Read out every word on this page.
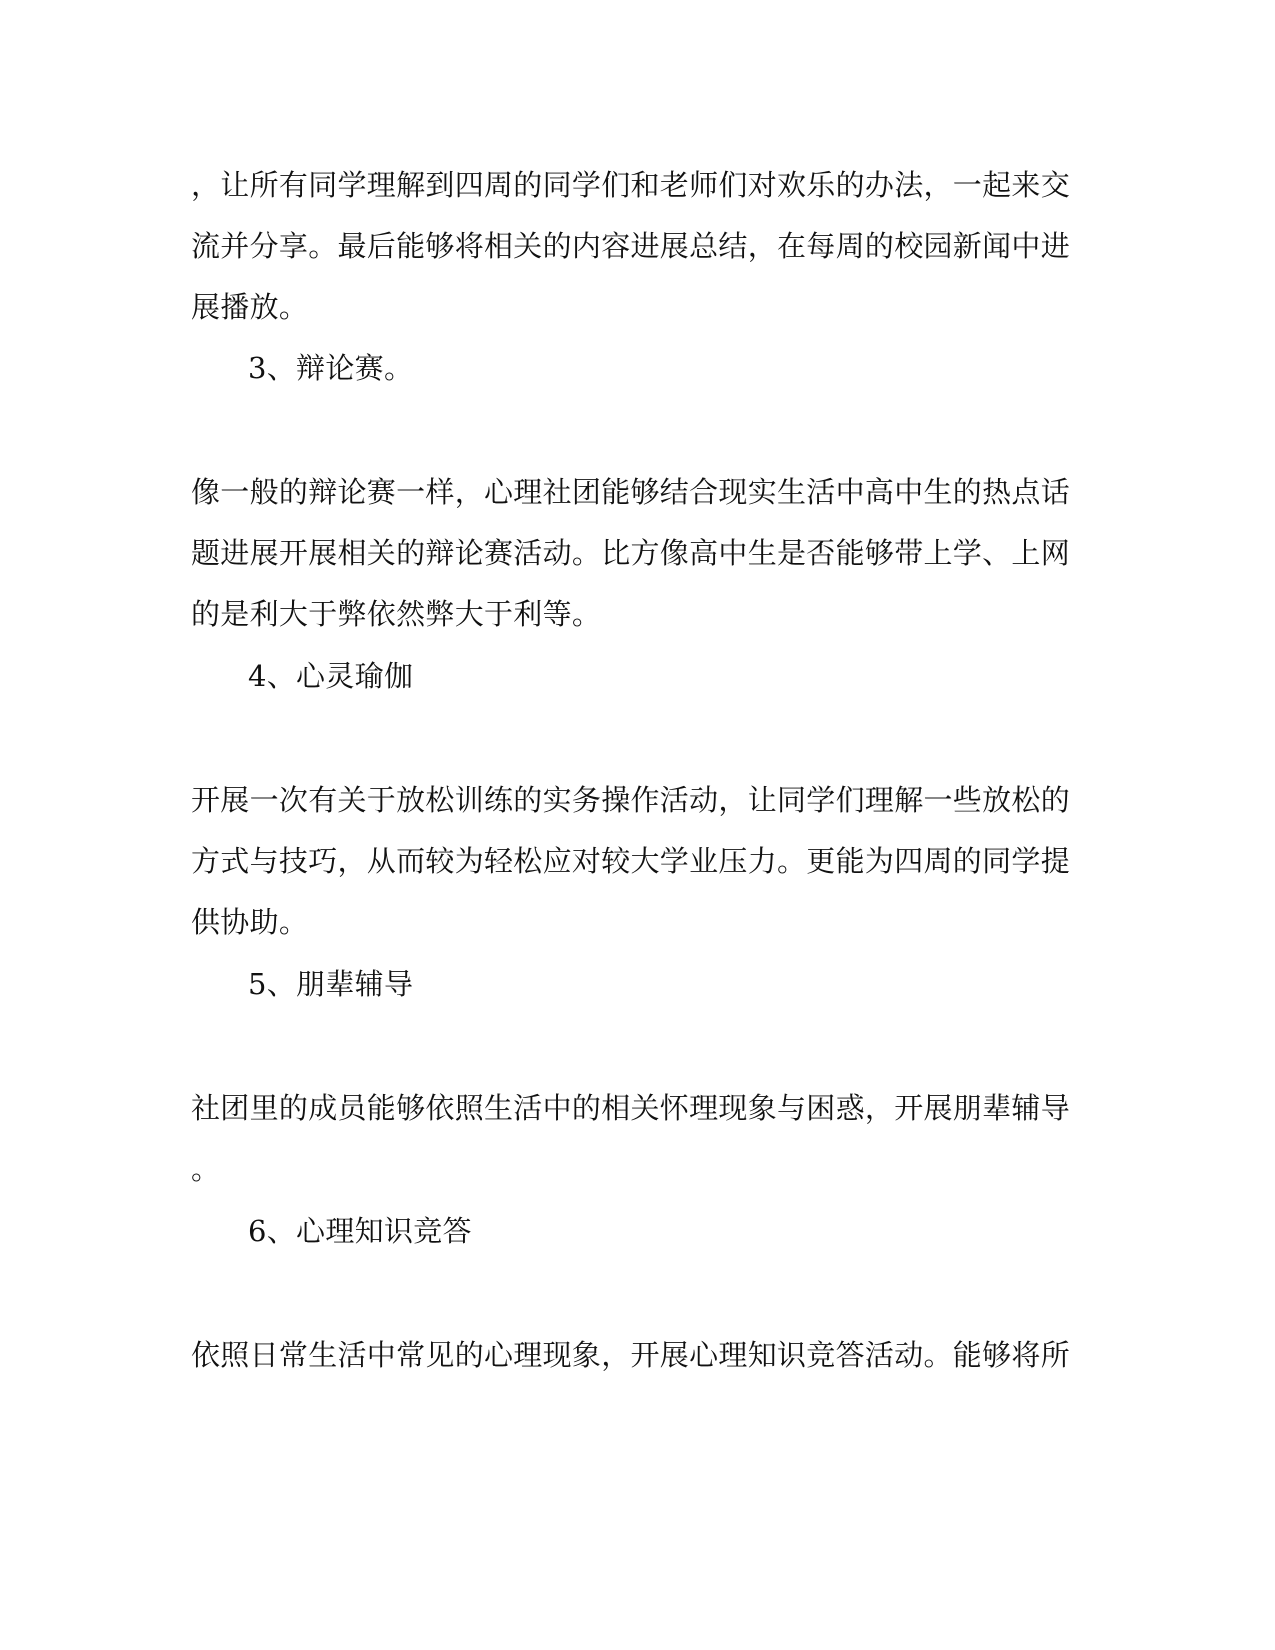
，让所有同学理解到四周的同学们和老师们对欢乐的办法，一起来交
流并分享。最后能够将相关的内容进展总结，在每周的校园新闻中进
展播放。
3、辩论赛。
像一般的辩论赛一样，心理社团能够结合现实生活中高中生的热点话
题进展开展相关的辩论赛活动。比方像高中生是否能够带上学、上网
的是利大于弊依然弊大于利等。
4、心灵瑜伽
开展一次有关于放松训练的实务操作活动，让同学们理解一些放松的
方式与技巧，从而较为轻松应对较大学业压力。更能为四周的同学提
供协助。
5、朋辈辅导
社团里的成员能够依照生活中的相关怀理现象与困惑，开展朋辈辅导
。
6、心理知识竞答
依照日常生活中常见的心理现象，开展心理知识竞答活动。能够将所
